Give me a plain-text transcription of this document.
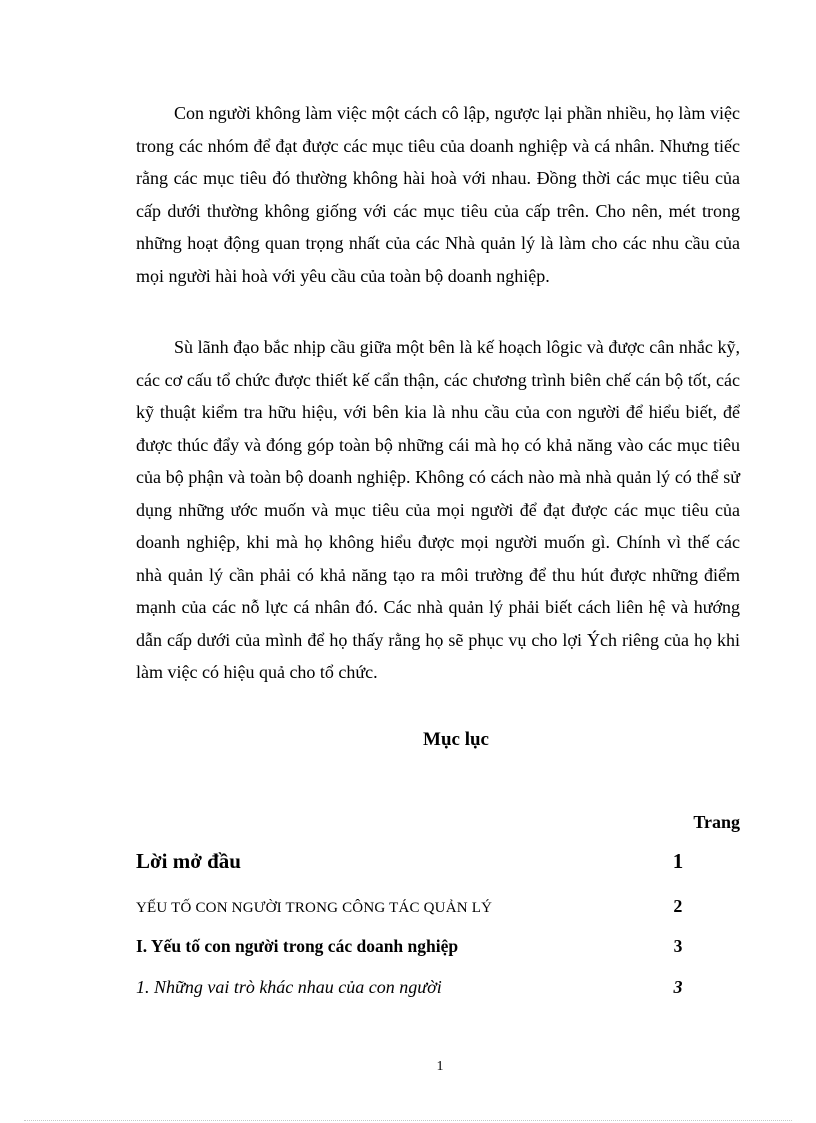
Con người không làm việc một cách cô lập, ngược lại phần nhiều, họ làm việc trong các nhóm để đạt được các mục tiêu của doanh nghiệp và cá nhân. Nhưng tiếc rằng các mục tiêu đó thường không hài hoà với nhau. Đồng thời các mục tiêu của cấp dưới thường không giống với các mục tiêu của cấp trên. Cho nên, mét trong những hoạt động quan trọng nhất của các Nhà quản lý là làm cho các nhu cầu của mọi người hài hoà với yêu cầu của toàn bộ doanh nghiệp.

Sù lãnh đạo bắc nhịp cầu giữa một bên là kế hoạch lôgic và được cân nhắc kỹ, các cơ cấu tổ chức được thiết kế cẩn thận, các chương trình biên chế cán bộ tốt, các kỹ thuật kiểm tra hữu hiệu, với bên kia là nhu cầu của con người để hiểu biết, để được thúc đẩy và đóng góp toàn bộ những cái mà họ có khả năng vào các mục tiêu của bộ phận và toàn bộ doanh nghiệp. Không có cách nào mà nhà quản lý có thể sử dụng những ước muốn và mục tiêu của mọi người để đạt được các mục tiêu của doanh nghiệp, khi mà họ không hiểu được mọi người muốn gì. Chính vì thế các nhà quản lý cần phải có khả năng tạo ra môi trường để thu hút được những điểm mạnh của các nỗ lực cá nhân đó. Các nhà quản lý phải biết cách liên hệ và hướng dẫn cấp dưới của mình để họ thấy rằng họ sẽ phục vụ cho lợi Ých riêng của họ khi làm việc có hiệu quả cho tổ chức.

Mục lục
Trang
Lời mở đầu	1
YẾU TỐ CON NGƯỜI TRONG CÔNG TÁC QUẢN LÝ	2
I. Yếu tố con người trong các doanh nghiệp	3
1. Những vai trò khác nhau của con người	3
1
